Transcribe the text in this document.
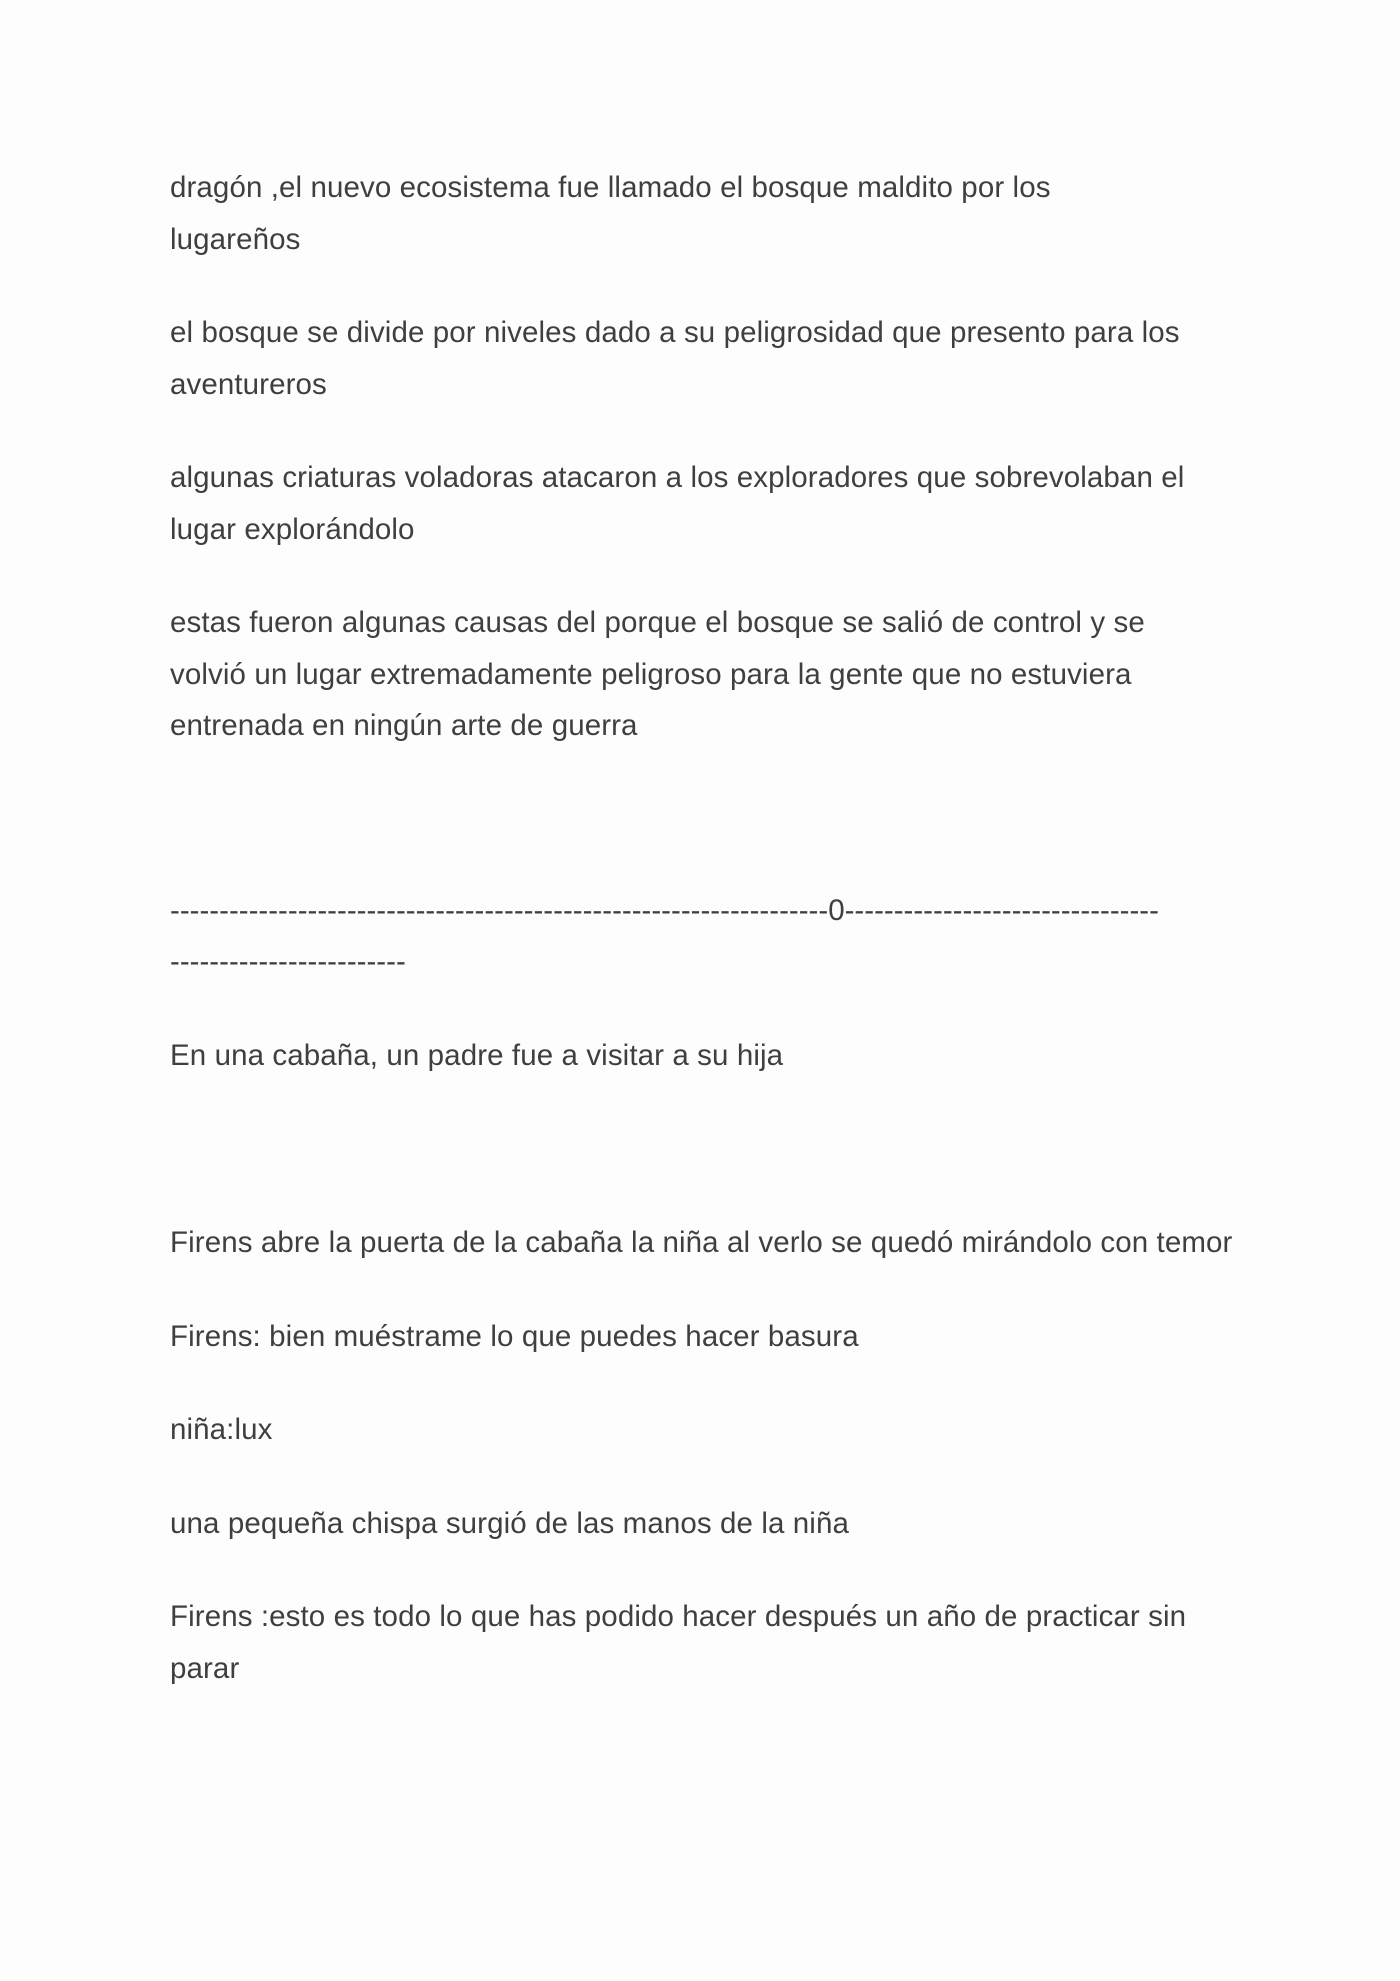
dragón ,el nuevo ecosistema fue llamado el bosque maldito por los lugareños

el bosque se divide por niveles dado a su peligrosidad que presento para los aventureros

algunas criaturas voladoras atacaron a los exploradores que sobrevolaban el lugar explorándolo

estas fueron algunas causas del porque el bosque se salió de control y se volvió un lugar extremadamente peligroso para la gente que no estuviera entrenada en ningún arte de guerra

-------------------------------------------------------------------0--------------------------------

------------------------

En una cabaña, un padre fue a visitar a su hija

Firens abre la puerta de la cabaña la niña al verlo se quedó mirándolo con temor

Firens: bien muéstrame lo que puedes hacer basura

niña:lux

una pequeña chispa surgió de las manos de la niña

Firens :esto es todo lo que has podido hacer después un año de practicar sin parar
